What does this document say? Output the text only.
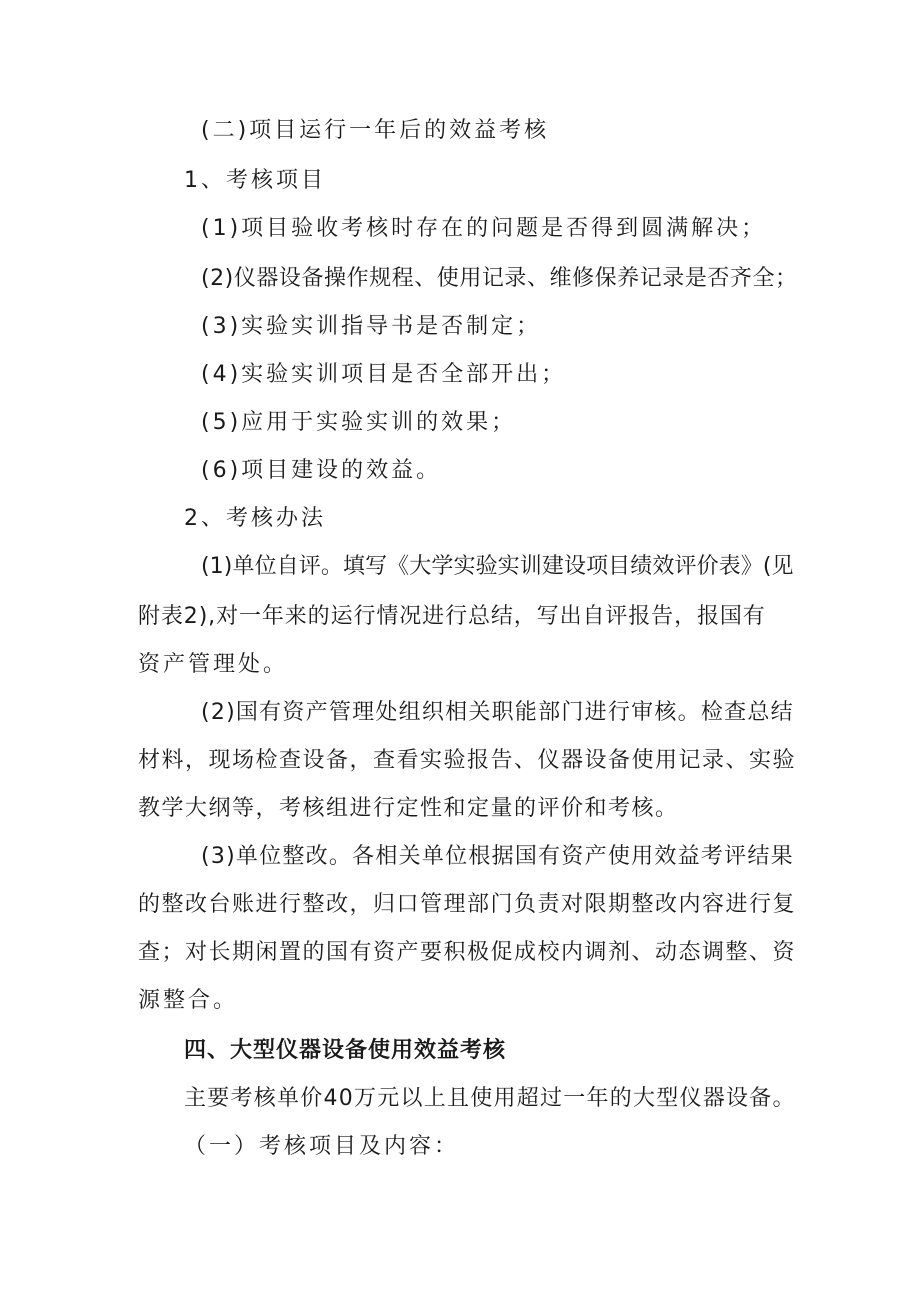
(二)项目运行一年后的效益考核
1、考核项目
(1)项目验收考核时存在的问题是否得到圆满解决；
(2)仪器设备操作规程、使用记录、维修保养记录是否齐全；
(3)实验实训指导书是否制定；
(4)实验实训项目是否全部开出；
(5)应用于实验实训的效果；
(6)项目建设的效益。
2、考核办法
(1)单位自评。填写《大学实验实训建设项目绩效评价表》(见
附表2),对一年来的运行情况进行总结，写出自评报告，报国有
资产管理处。
(2)国有资产管理处组织相关职能部门进行审核。检查总结
材料，现场检查设备，查看实验报告、仪器设备使用记录、实验
教学大纲等，考核组进行定性和定量的评价和考核。
(3)单位整改。各相关单位根据国有资产使用效益考评结果
的整改台账进行整改，归口管理部门负责对限期整改内容进行复
查；对长期闲置的国有资产要积极促成校内调剂、动态调整、资
源整合。
四、大型仪器设备使用效益考核
主要考核单价40万元以上且使用超过一年的大型仪器设备。
（一）考核项目及内容：
